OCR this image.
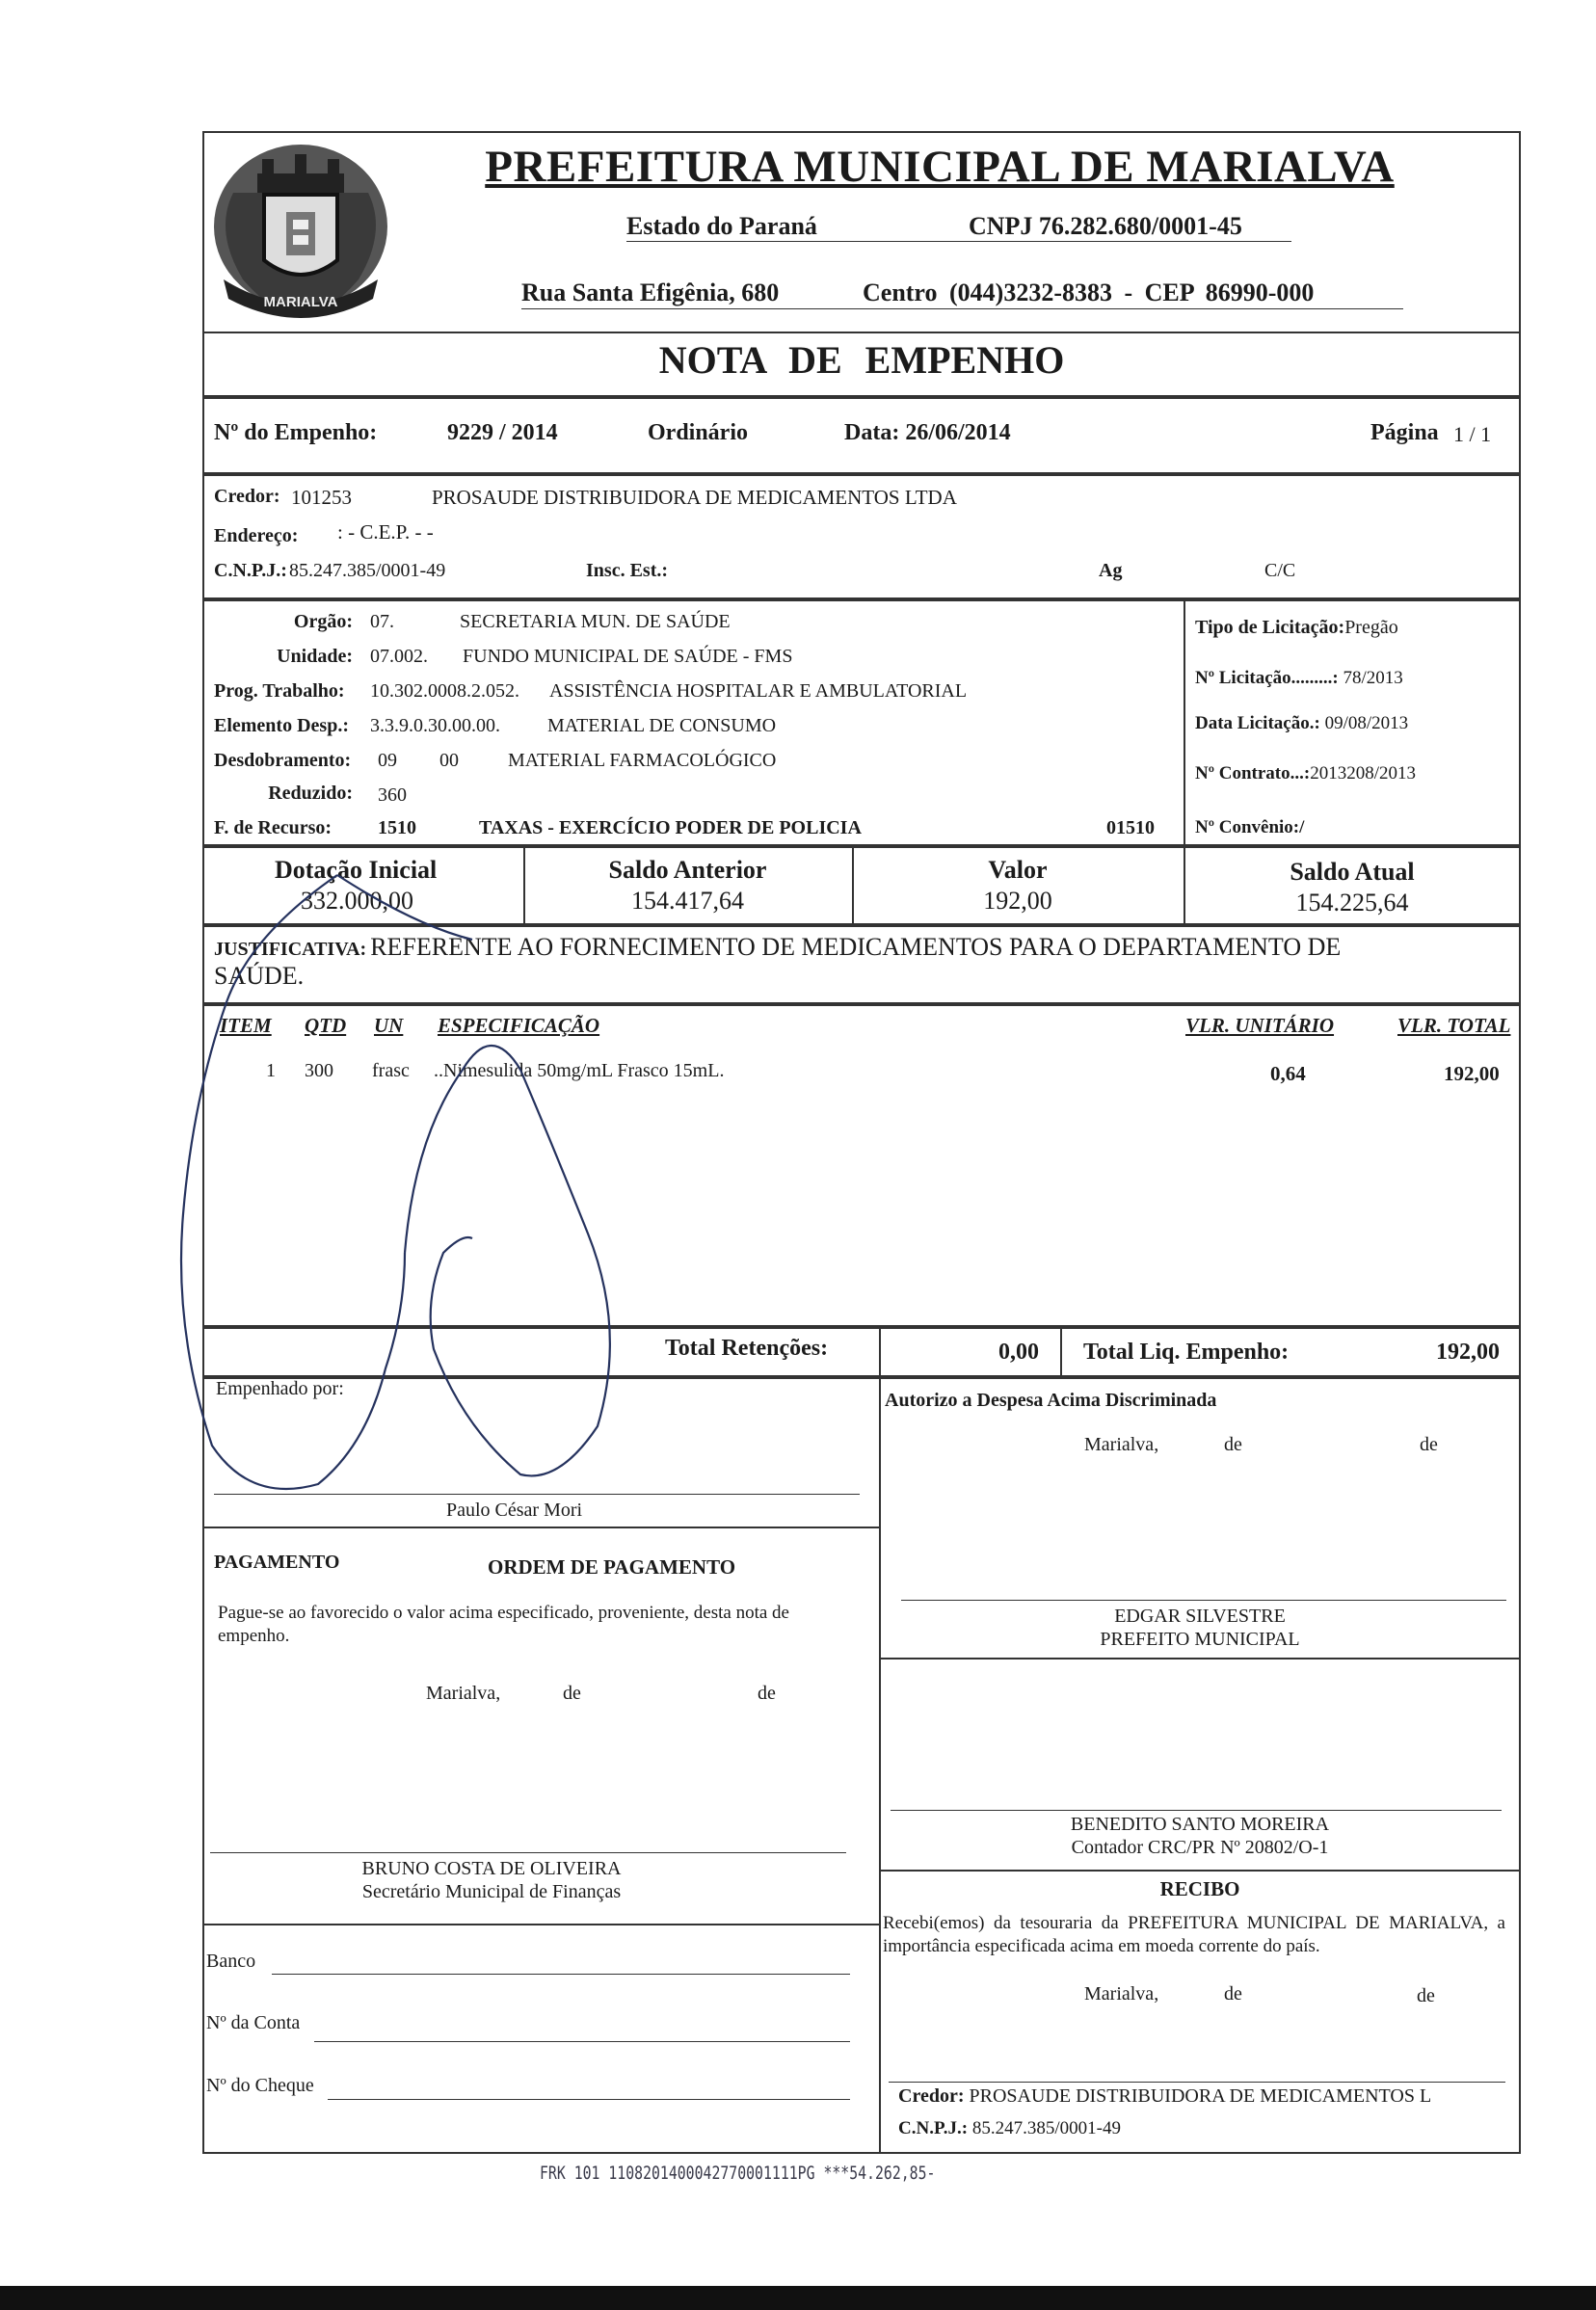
MARIALVA
PREFEITURA MUNICIPAL DE MARIALVA
Estado do Paraná	CNPJ 76.282.680/0001-45
Rua Santa Efigênia, 680	Centro (044)3232-8383 - CEP 86990-000
NOTA DE EMPENHO
Nº do Empenho:	9229 / 2014	Ordinário	Data: 26/06/2014	Página 1 / 1
Credor: 101253	PROSAUDE DISTRIBUIDORA DE MEDICAMENTOS LTDA
Endereço: : - C.E.P. - -
C.N.P.J.: 85.247.385/0001-49	Insc. Est.:	Ag	C/C
Orgão: 07.	SECRETARIA MUN. DE SAÚDE
Unidade: 07.002. FUNDO MUNICIPAL DE SAÚDE - FMS
Prog. Trabalho: 10.302.0008.2.052. ASSISTÊNCIA HOSPITALAR E AMBULATORIAL
Elemento Desp.: 3.3.9.0.30.00.00. MATERIAL DE CONSUMO
Desdobramento: 09 00	MATERIAL FARMACOLÓGICO
Reduzido: 360
F. de Recurso: 1510	TAXAS - EXERCÍCIO PODER DE POLICIA	01510
Tipo de Licitação:Pregão
Nº Licitação.........: 78/2013
Data Licitação.: 09/08/2013
Nº Contrato...:2013208/2013
Nº Convênio:/
Dotação Inicial
332.000,00
Saldo Anterior
154.417,64
Valor
192,00
Saldo Atual
154.225,64
JUSTIFICATIVA: REFERENTE AO FORNECIMENTO DE MEDICAMENTOS PARA O DEPARTAMENTO DE
SAÚDE.
ITEM QTD UN ESPECIFICAÇÃO	VLR. UNITÁRIO	VLR. TOTAL
1 300 frasc ..Nimesulida 50mg/mL Frasco 15mL.	0,64	192,00
Total Retenções:	0,00 Total Liq. Empenho:	192,00
Empenhado por:
Paulo César Mori
Autorizo a Despesa Acima Discriminada
Marialva,	de	de
EDGAR SILVESTRE
PREFEITO MUNICIPAL
PAGAMENTO	ORDEM DE PAGAMENTO
Pague-se ao favorecido o valor acima especificado, proveniente, desta nota de empenho.
Marialva,	de	de
BENEDITO SANTO MOREIRA
Contador CRC/PR Nº 20802/O-1
BRUNO COSTA DE OLIVEIRA
Secretário Municipal de Finanças	RECIBO
Recebi(emos) da tesouraria da PREFEITURA MUNICIPAL DE MARIALVA, a importância especificada acima em moeda corrente do país.
Marialva,	de	de
Credor: PROSAUDE DISTRIBUIDORA DE MEDICAMENTOS L
C.N.P.J.: 85.247.385/0001-49
Banco
Nº da Conta
Nº do Cheque
FRK 101 1108201400042770001111PG ***54.262,85-
